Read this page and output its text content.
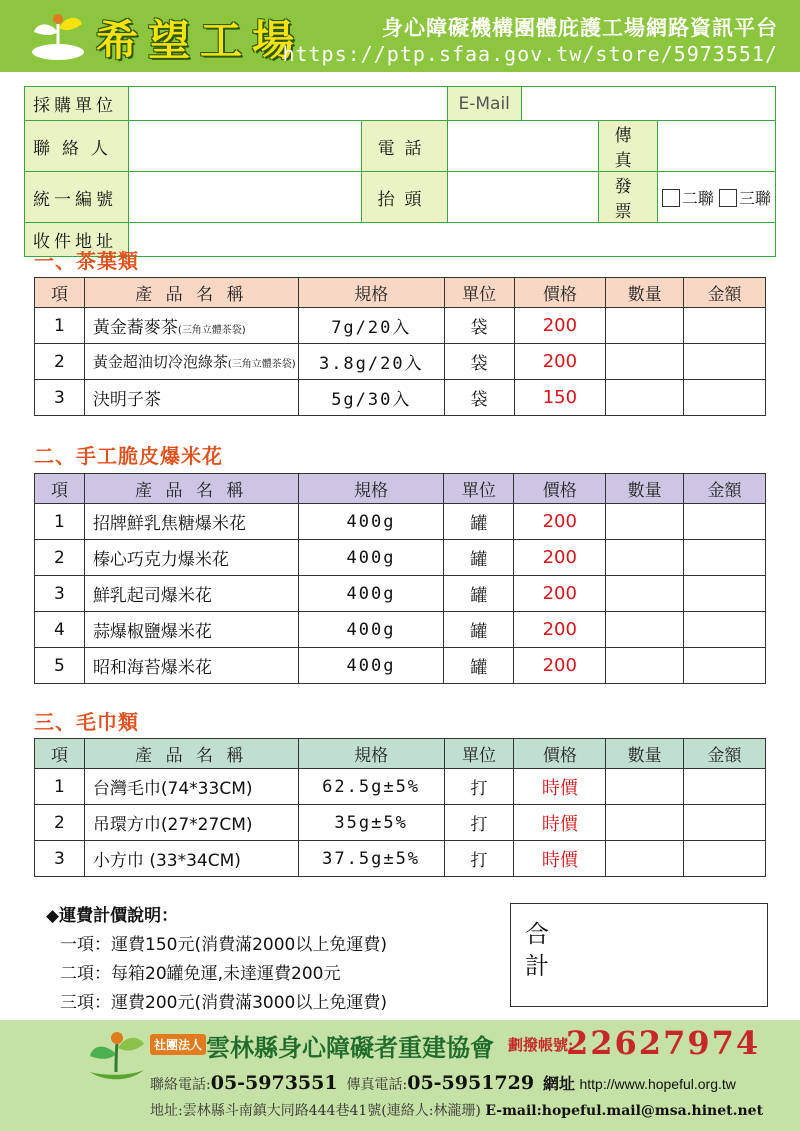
希望工場	身心障礙機構團體庇護工場網路資訊平台
https://ptp.sfaa.gov.tw/store/5973551/
採購單位			E-Mail			
聯絡人		電話			傳真	
統一編號		抬頭			發票	二聯 三聯
收件地址						
一、茶葉類
項	產 品 名 稱	規格	單位	價格	數量	金額
1	黃金蕎麥茶(三角立體茶袋)	7g/20入	袋	200		
2	黃金超油切冷泡綠茶(三角立體茶袋)	3.8g/20入	袋	200		
3	決明子茶	5g/30入	袋	150		
二、手工脆皮爆米花
項	產 品 名 稱	規格	單位	價格	數量	金額
1	招牌鮮乳焦糖爆米花	400g	罐	200		
2	榛心巧克力爆米花	400g	罐	200		
3	鮮乳起司爆米花	400g	罐	200		
4	蒜爆椒鹽爆米花	400g	罐	200		
5	昭和海苔爆米花	400g	罐	200		
三、毛巾類
項	產 品 名 稱	規格	單位	價格	數量	金額
1	台灣毛巾(74*33CM)	62.5g±5%	打	時價		
2	吊環方巾(27*27CM)	35g±5%	打	時價		
3	小方巾 (33*34CM)	37.5g±5%	打	時價		
◆運費計價說明：
一項：運費150元(消費滿2000以上免運費)
二項：每箱20罐免運,未達運費200元
三項：運費200元(消費滿3000以上免運費)
合計
社團法人 雲林縣身心障礙者重建協會 劃撥帳號:
22627974
聯絡電話:05-5973551 傳真電話:05-5951729 網址 http://www.hopeful.org.tw
地址:雲林縣斗南鎮大同路444巷41號(連絡人:林瀧珊) E-mail:hopeful.mail@msa.hinet.net
